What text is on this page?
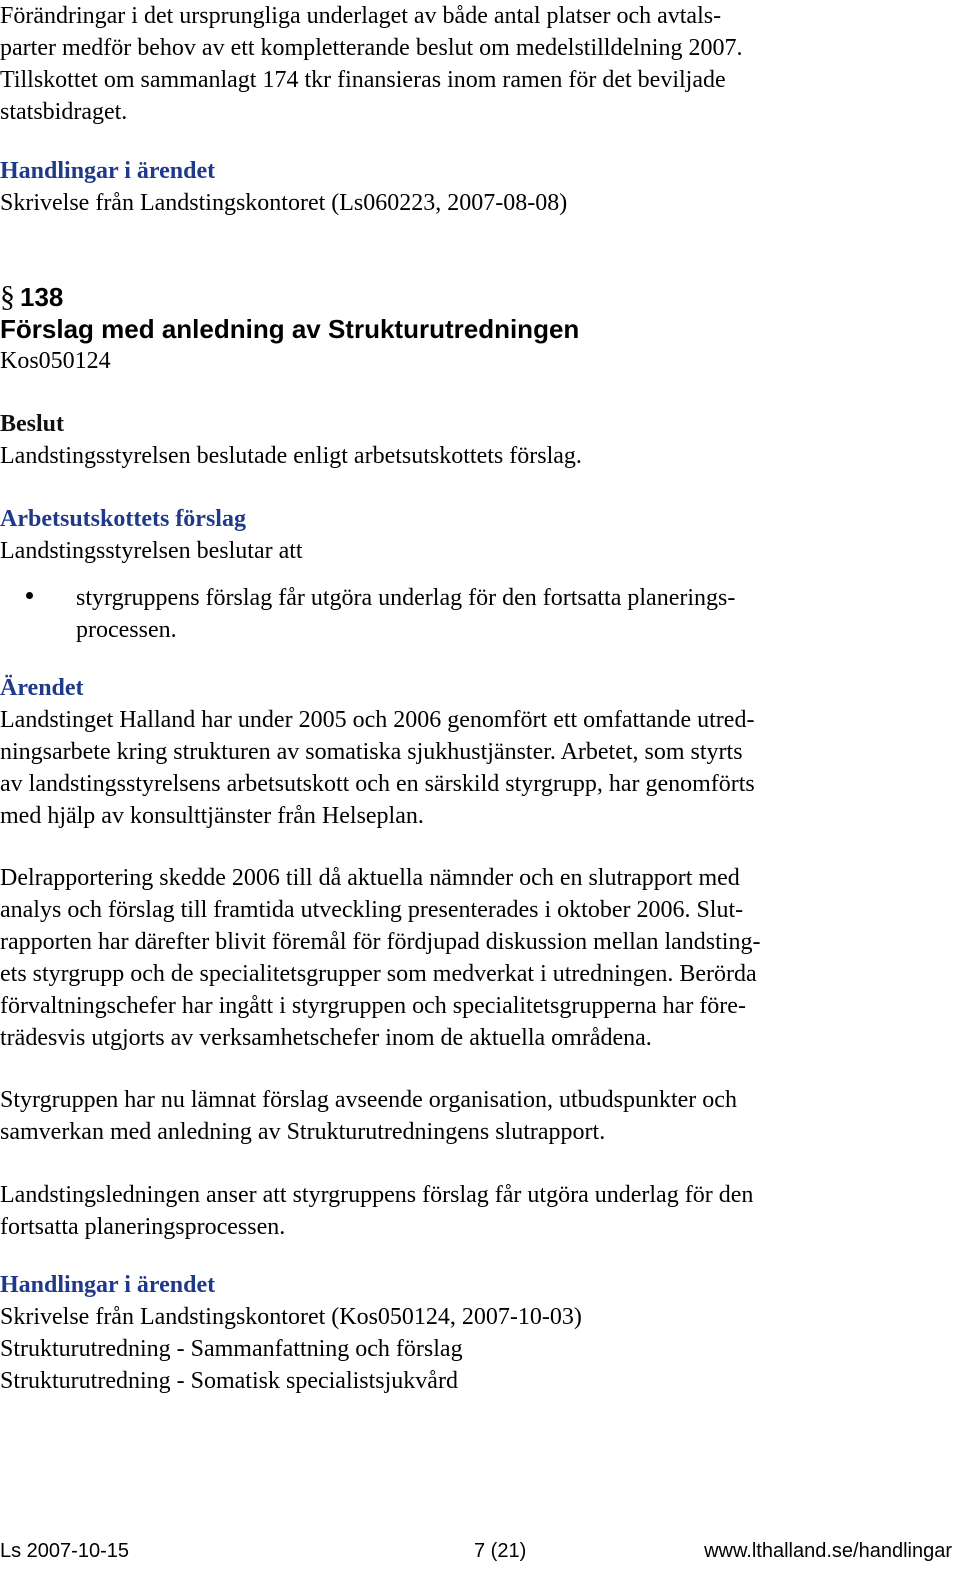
Förändringar i det ursprungliga underlaget av både antal platser och avtals-
parter medför behov av ett kompletterande beslut om medelstilldelning 2007.
Tillskottet om sammanlagt 174 tkr finansieras inom ramen för det beviljade
statsbidraget.
Handlingar i ärendet
Skrivelse från Landstingskontoret (Ls060223, 2007-08-08)
§ 138
Förslag med anledning av Strukturutredningen
Kos050124
Beslut
Landstingsstyrelsen beslutade enligt arbetsutskottets förslag.
Arbetsutskottets förslag
Landstingsstyrelsen beslutar att
styrgruppens förslag får utgöra underlag för den fortsatta planerings-
processen.
Ärendet
Landstinget Halland har under 2005 och 2006 genomfört ett omfattande utred-
ningsarbete kring strukturen av somatiska sjukhustjänster. Arbetet, som styrts
av landstingsstyrelsens arbetsutskott och en särskild styrgrupp, har genomförts
med hjälp av konsulttjänster från Helseplan.
Delrapportering skedde 2006 till då aktuella nämnder och en slutrapport med
analys och förslag till framtida utveckling presenterades i oktober 2006. Slut-
rapporten har därefter blivit föremål för fördjupad diskussion mellan landsting-
ets styrgrupp och de specialitetsgrupper som medverkat i utredningen. Berörda
förvaltningschefer har ingått i styrgruppen och specialitetsgrupperna har före-
trädesvis utgjorts av verksamhetschefer inom de aktuella områdena.
Styrgruppen har nu lämnat förslag avseende organisation, utbudspunkter och
samverkan med anledning av Strukturutredningens slutrapport.
Landstingsledningen anser att styrgruppens förslag får utgöra underlag för den
fortsatta planeringsprocessen.
Handlingar i ärendet
Skrivelse från Landstingskontoret (Kos050124, 2007-10-03)
Strukturutredning - Sammanfattning och förslag
Strukturutredning - Somatisk specialistsjukvård
Ls 2007-10-15	7 (21)	www.lthalland.se/handlingar
